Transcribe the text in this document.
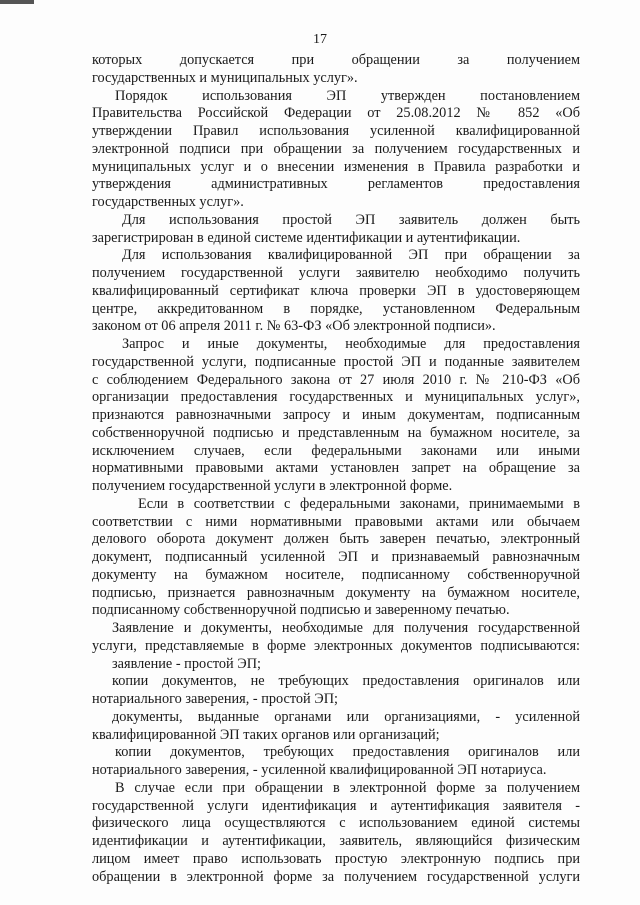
17
которых допускается при обращении за получением
государственных и муниципальных услуг».
Порядок использования ЭП утвержден постановлением
Правительства Российской Федерации от 25.08.2012 № 852 «Об
утверждении Правил использования усиленной квалифицированной
электронной подписи при обращении за получением государственных и
муниципальных услуг и о внесении изменения в Правила разработки и
утверждения административных регламентов предоставления
государственных услуг».
Для использования простой ЭП заявитель должен быть
зарегистрирован в единой системе идентификации и аутентификации.
Для использования квалифицированной ЭП при обращении за
получением государственной услуги заявителю необходимо получить
квалифицированный сертификат ключа проверки ЭП в удостоверяющем
центре, аккредитованном в порядке, установленном Федеральным
законом от 06 апреля 2011 г. № 63-ФЗ «Об электронной подписи».
Запрос и иные документы, необходимые для предоставления
государственной услуги, подписанные простой ЭП и поданные заявителем
с соблюдением Федерального закона от 27 июля 2010 г. № 210-ФЗ «Об
организации предоставления государственных и муниципальных услуг»,
признаются равнозначными запросу и иным документам, подписанным
собственноручной подписью и представленным на бумажном носителе, за
исключением случаев, если федеральными законами или иными
нормативными правовыми актами установлен запрет на обращение за
получением государственной услуги в электронной форме.
Если в соответствии с федеральными законами, принимаемыми в
соответствии с ними нормативными правовыми актами или обычаем
делового оборота документ должен быть заверен печатью, электронный
документ, подписанный усиленной ЭП и признаваемый равнозначным
документу на бумажном носителе, подписанному собственноручной
подписью, признается равнозначным документу на бумажном носителе,
подписанному собственноручной подписью и заверенному печатью.
Заявление и документы, необходимые для получения государственной
услуги, представляемые в форме электронных документов подписываются:
заявление - простой ЭП;
копии документов, не требующих предоставления оригиналов или
нотариального заверения, - простой ЭП;
документы, выданные органами или организациями, - усиленной
квалифицированной ЭП таких органов или организаций;
копии документов, требующих предоставления оригиналов или
нотариального заверения, - усиленной квалифицированной ЭП нотариуса.
В случае если при обращении в электронной форме за получением
государственной услуги идентификация и аутентификация заявителя -
физического лица осуществляются с использованием единой системы
идентификации и аутентификации, заявитель, являющийся физическим
лицом имеет право использовать простую электронную подпись при
обращении в электронной форме за получением государственной услуги
